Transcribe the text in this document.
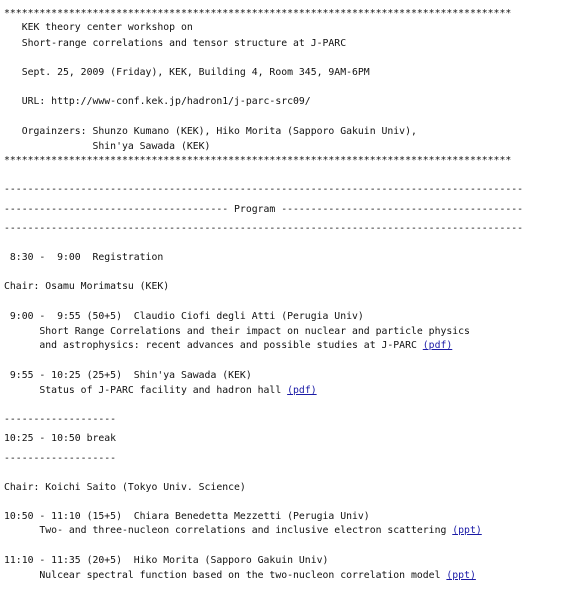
**************************************************************************************
KEK theory center workshop on
Short-range correlations and tensor structure at J-PARC
Sept. 25, 2009 (Friday), KEK, Building 4, Room 345, 9AM-6PM
URL: http://www-conf.kek.jp/hadron1/j-parc-src09/
Orgainzers: Shunzo Kumano (KEK), Hiko Morita (Sapporo Gakuin Univ),
Shin'ya Sawada (KEK)
**************************************************************************************
----------------------------------------------------------------------------------------
-------------------------------------- Program -----------------------------------------
----------------------------------------------------------------------------------------
8:30 -  9:00  Registration
Chair: Osamu Morimatsu (KEK)
9:00 -  9:55 (50+5)  Claudio Ciofi degli Atti (Perugia Univ)
Short Range Correlations and their impact on nuclear and particle physics
and astrophysics: recent advances and possible studies at J-PARC (pdf)
9:55 - 10:25 (25+5)  Shin'ya Sawada (KEK)
Status of J-PARC facility and hadron hall (pdf)
-------------------
10:25 - 10:50 break
-------------------
Chair: Koichi Saito (Tokyo Univ. Science)
10:50 - 11:10 (15+5)  Chiara Benedetta Mezzetti (Perugia Univ)
Two- and three-nucleon correlations and inclusive electron scattering (ppt)
11:10 - 11:35 (20+5)  Hiko Morita (Sapporo Gakuin Univ)
Nulcear spectral function based on the two-nucleon correlation model (ppt)
